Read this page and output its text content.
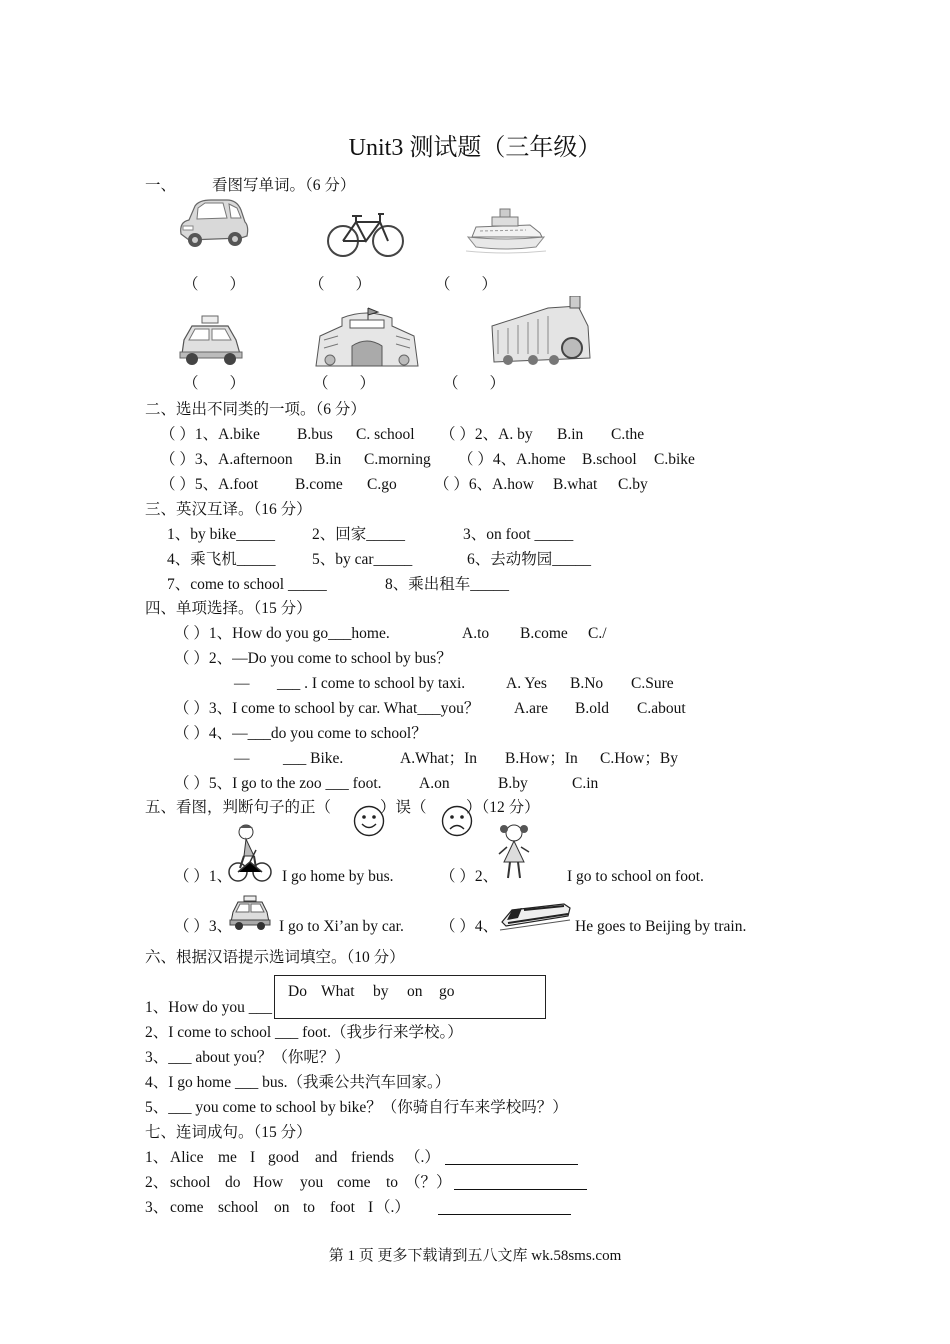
Unit3 测试题（三年级）
一、 看图写单词。（6 分）
（　　）	（　　）	（　　）
（　　）	（　　）	（　　）
二、选出不同类的一项。（6 分）
（ ）1、A.bike B.bus C. school （ ）2、A. by B.in C.the
（ ）3、A.afternoon B.in C.morning （ ）4、A.home B.school C.bike
（ ）5、A.foot B.come C.go （ ）6、A.how B.what C.by
三、英汉互译。（16 分）
1、by bike_____ 2、回家_____	3、on foot _____
4、乘飞机_____ 5、by car_____	6、去动物园_____
7、come to school _____	8、乘出租车_____
四、单项选择。（15 分）
（ ）1、How do you go___home.	A.to B.come C./
（ ）2、—Do you come to school by bus？
— ___ . I come to school by taxi.	A. Yes B.No C.Sure
（ ）3、I come to school by car. What___you？ A.are B.old C.about
（ ）4、—___do you come to school？
— ___ Bike.	A.What；In B.How；In C.How；By
（ ）5、I go to the zoo ___ foot. A.on	B.by	C.in
五、看图，判断句子的正（	）误（	）（12 分）
（ ）1、	I go home by bus.	（ ）2、	I go to school on foot.
（ ）3、	I go to Xi’an by car. （ ）4、	He goes to Beijing by train.
六、根据汉语提示选词填空。（10 分）
Do What by on go
1、How do you ___
2、I come to school ___ foot.（我步行来学校。）
3、___ about you？（你呢？）
4、I go home ___ bus.（我乘公共汽车回家。）
5、___ you come to school by bike？（你骑自行车来学校吗？）
七、连词成句。（15 分）
1、 Alice me I good and friends （.）
2、 school do How you come to （？）
3、 come school on to foot I （.）
第 1 页 更多下载请到五八文库 wk.58sms.com
